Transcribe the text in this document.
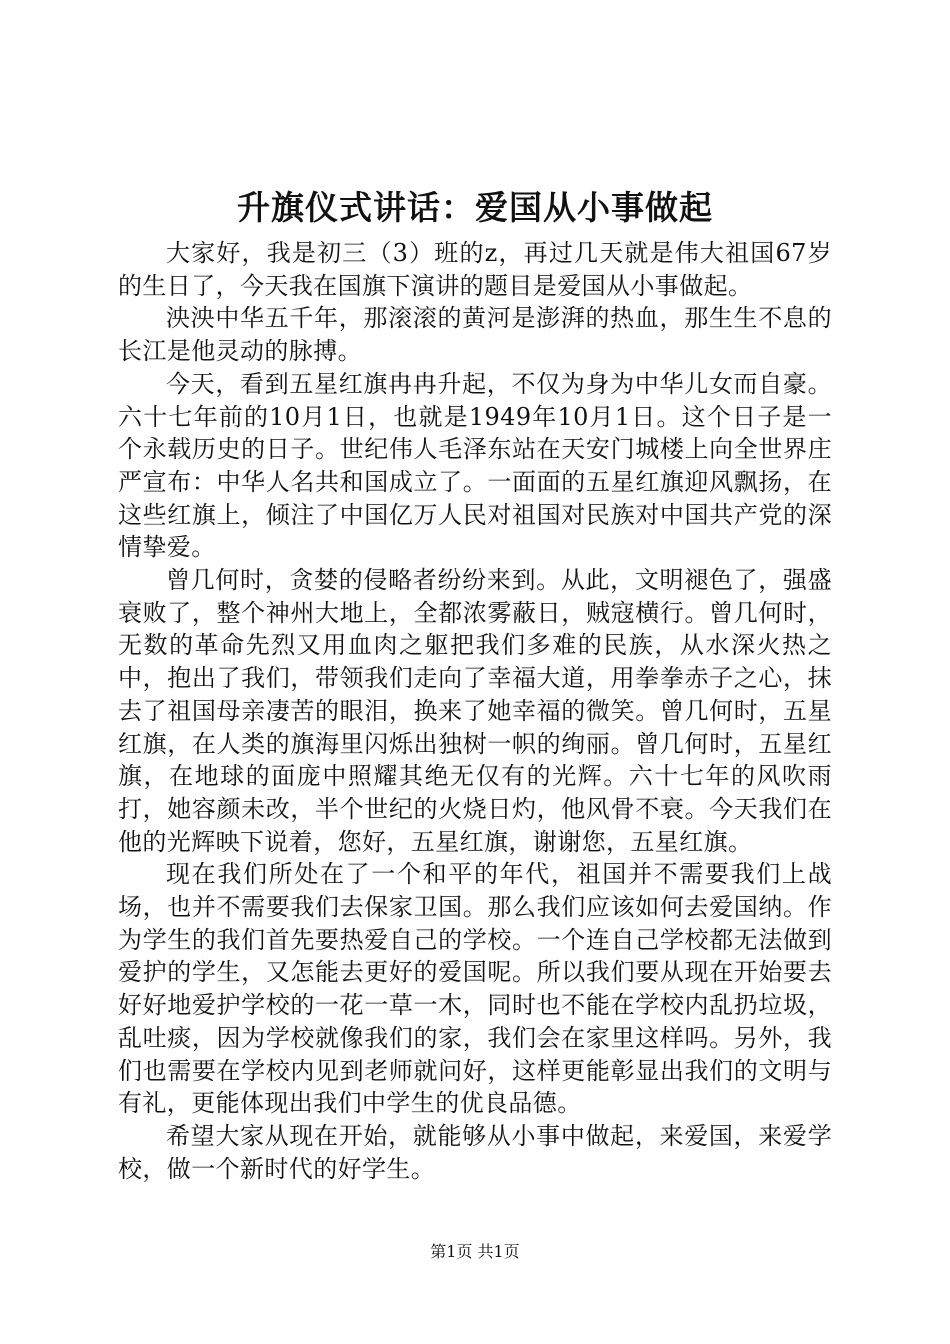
升旗仪式讲话：爱国从小事做起

大家好，我是初三（3）班的z，再过几天就是伟大祖国67岁的生日了，今天我在国旗下演讲的题目是爱国从小事做起。

泱泱中华五千年，那滚滚的黄河是澎湃的热血，那生生不息的长江是他灵动的脉搏。

今天，看到五星红旗冉冉升起，不仅为身为中华儿女而自豪。六十七年前的10月1日，也就是1949年10月1日。这个日子是一个永载历史的日子。世纪伟人毛泽东站在天安门城楼上向全世界庄严宣布：中华人名共和国成立了。一面面的五星红旗迎风飘扬，在这些红旗上，倾注了中国亿万人民对祖国对民族对中国共产党的深情挚爱。

曾几何时，贪婪的侵略者纷纷来到。从此，文明褪色了，强盛衰败了，整个神州大地上，全都浓雾蔽日，贼寇横行。曾几何时，无数的革命先烈又用血肉之躯把我们多难的民族，从水深火热之中，抱出了我们，带领我们走向了幸福大道，用拳拳赤子之心，抹去了祖国母亲凄苦的眼泪，换来了她幸福的微笑。曾几何时，五星红旗，在人类的旗海里闪烁出独树一帜的绚丽。曾几何时，五星红旗，在地球的面庞中照耀其绝无仅有的光辉。六十七年的风吹雨打，她容颜未改，半个世纪的火烧日灼，他风骨不衰。今天我们在他的光辉映下说着，您好，五星红旗，谢谢您，五星红旗。

现在我们所处在了一个和平的年代，祖国并不需要我们上战场，也并不需要我们去保家卫国。那么我们应该如何去爱国纳。作为学生的我们首先要热爱自己的学校。一个连自己学校都无法做到爱护的学生，又怎能去更好的爱国呢。所以我们要从现在开始要去好好地爱护学校的一花一草一木，同时也不能在学校内乱扔垃圾，乱吐痰，因为学校就像我们的家，我们会在家里这样吗。另外，我们也需要在学校内见到老师就问好，这样更能彰显出我们的文明与有礼，更能体现出我们中学生的优良品德。

希望大家从现在开始，就能够从小事中做起，来爱国，来爱学校，做一个新时代的好学生。

第1页 共1页
